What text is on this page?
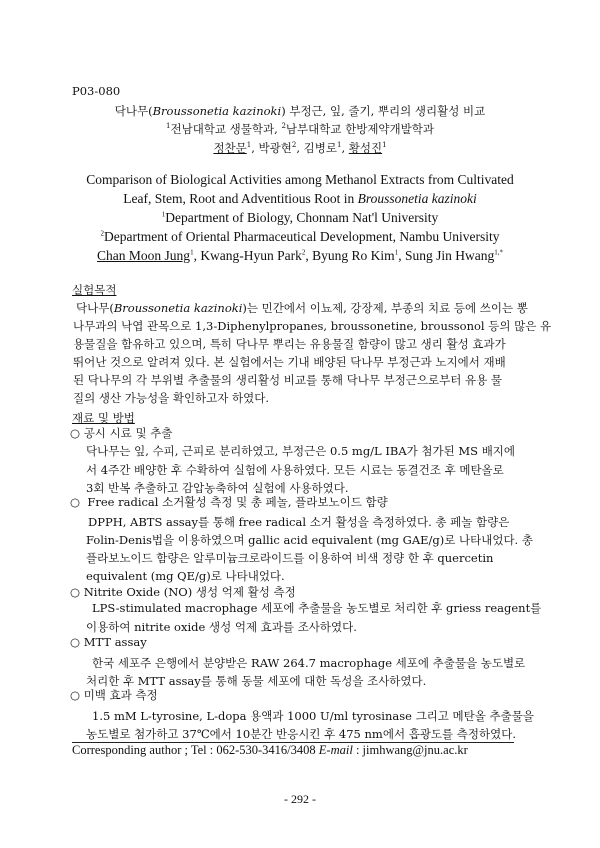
P03-080
닥나무(Broussonetia kazinoki) 부정근, 잎, 줄기, 뿌리의 생리활성 비교
$^1$전남대학교 생물학과, $^2$남부대학교 한방제약개발학과
정찬문$^1$, 박광현$^2$, 김병로$^1$, 황성진$^1$
Comparison of Biological Activities among Methanol Extracts from Cultivated
Leaf, Stem, Root and Adventitious Root in Broussonetia kazinoki
$^1$Department of Biology, Chonnam Nat'l University
$^2$Department of Oriental Pharmaceutical Development, Nambu University
Chan Moon Jung$^1$, Kwang-Hyun Park$^2$, Byung Ro Kim$^1$, Sung Jin Hwang$^{1,*}$
실험목적
닥나무(Broussonetia kazinoki)는 민간에서 이뇨제, 강장제, 부종의 치료 등에 쓰이는 뽕
나무과의 낙엽 관목으로 1,3-Diphenylpropanes, broussonetine, broussonol 등의 많은 유
용물질을 함유하고 있으며, 특히 닥나무 뿌리는 유용물질 함량이 많고 생리 활성 효과가
뛰어난 것으로 알려져 있다. 본 실험에서는 기내 배양된 닥나무 부정근과 노지에서 재배
된 닥나무의 각 부위별 추출물의 생리활성 비교를 통해 닥나무 부정근으로부터 유용 물
질의 생산 가능성을 확인하고자 하였다.
재료 및 방법
○ 공시 시료 및 추출
닥나무는 잎, 수피, 근피로 분리하였고, 부정근은 0.5 mg/L IBA가 첨가된 MS 배지에
서 4주간 배양한 후 수확하여 실험에 사용하였다. 모든 시료는 동결건조 후 메탄올로
3회 반복 추출하고 감압농축하여 실험에 사용하였다.
○ Free radical 소거활성 측정 및 총 페놀, 플라보노이드 함량
DPPH, ABTS assay를 통해 free radical 소거 활성을 측정하였다. 총 페놀 함량은
Folin-Denis법을 이용하였으며 gallic acid equivalent (mg GAE/g)로 나타내었다. 총
플라보노이드 함량은 알루미늄크로라이드를 이용하여 비색 정량 한 후 quercetin
equivalent (mg QE/g)로 나타내었다.
○ Nitrite Oxide (NO) 생성 억제 활성 측정
LPS-stimulated macrophage 세포에 추출물을 농도별로 처리한 후 griess reagent를
이용하여 nitrite oxide 생성 억제 효과를 조사하였다.
○ MTT assay
한국 세포주 은행에서 분양받은 RAW 264.7 macrophage 세포에 추출물을 농도별로
처리한 후 MTT assay를 통해 동물 세포에 대한 독성을 조사하였다.
○ 미백 효과 측정
1.5 mM L-tyrosine, L-dopa 용액과 1000 U/ml tyrosinase 그리고 메탄올 추출물을
농도별로 첨가하고 37℃에서 10분간 반응시킨 후 475 nm에서 흡광도를 측정하였다.
Corresponding author ; Tel : 062-530-3416/3408 E-mail : jimhwang@jnu.ac.kr
- 292 -
